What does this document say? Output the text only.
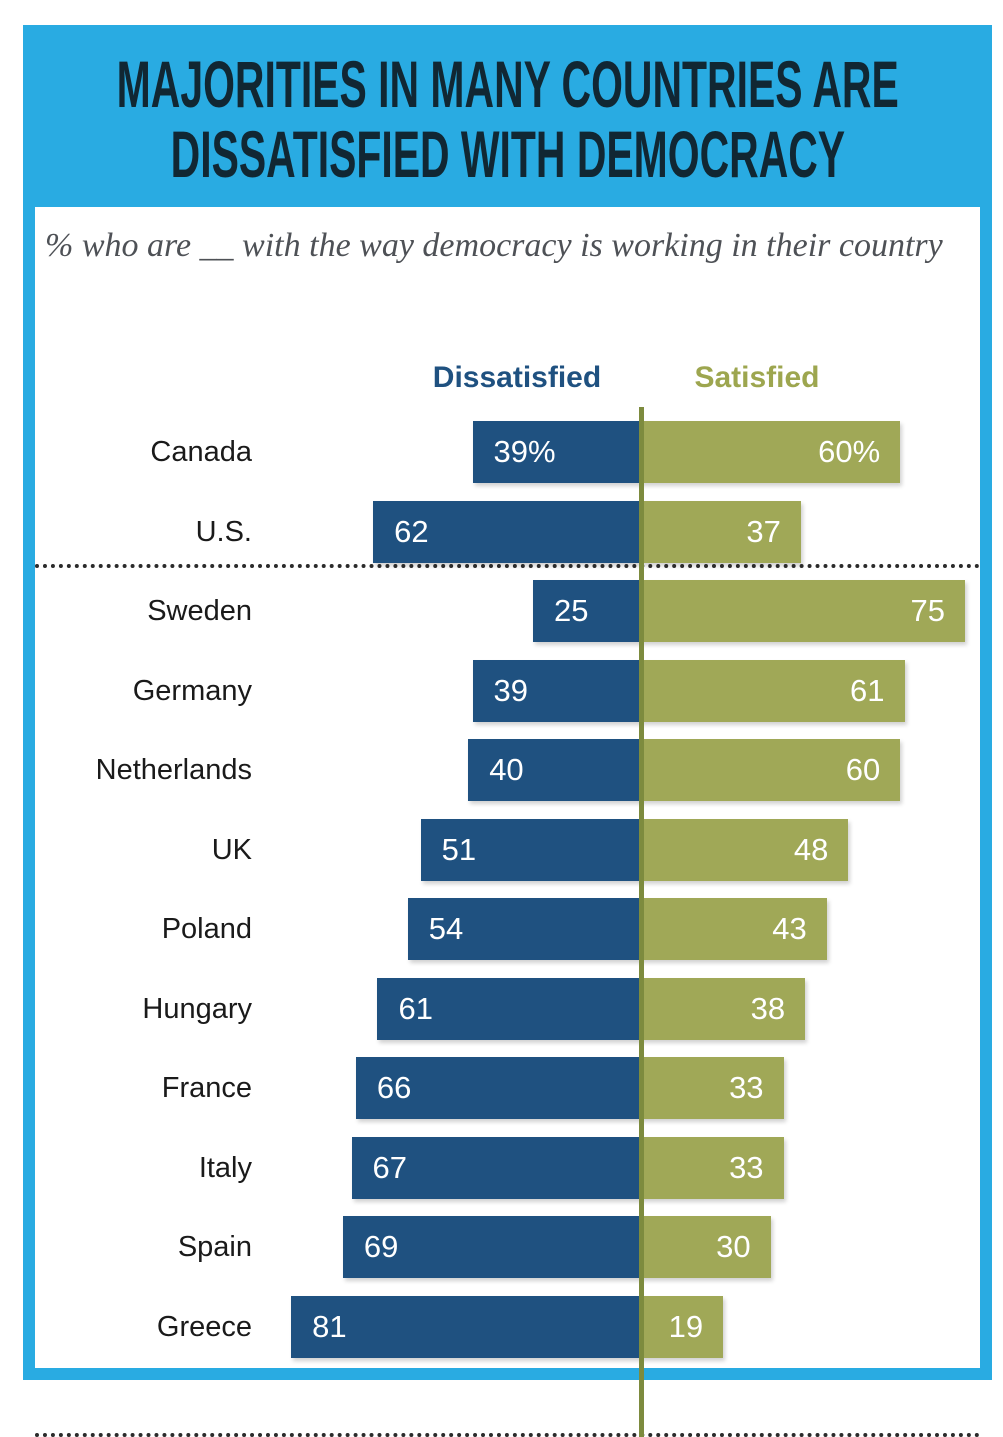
MAJORITIES IN MANY COUNTRIES ARE
DISSATISFIED WITH DEMOCRACY
% who are __ with the way democracy is working in their country
Dissatisfied	Satisfied
Canada	39%	60%
U.S.	62	37
Sweden	25	75
Germany	39	61
Netherlands	40	60
UK	51	48
Poland	54	43
Hungary	61	38
France	66	33
Italy	67	33
Spain	69	30
Greece	81	19
